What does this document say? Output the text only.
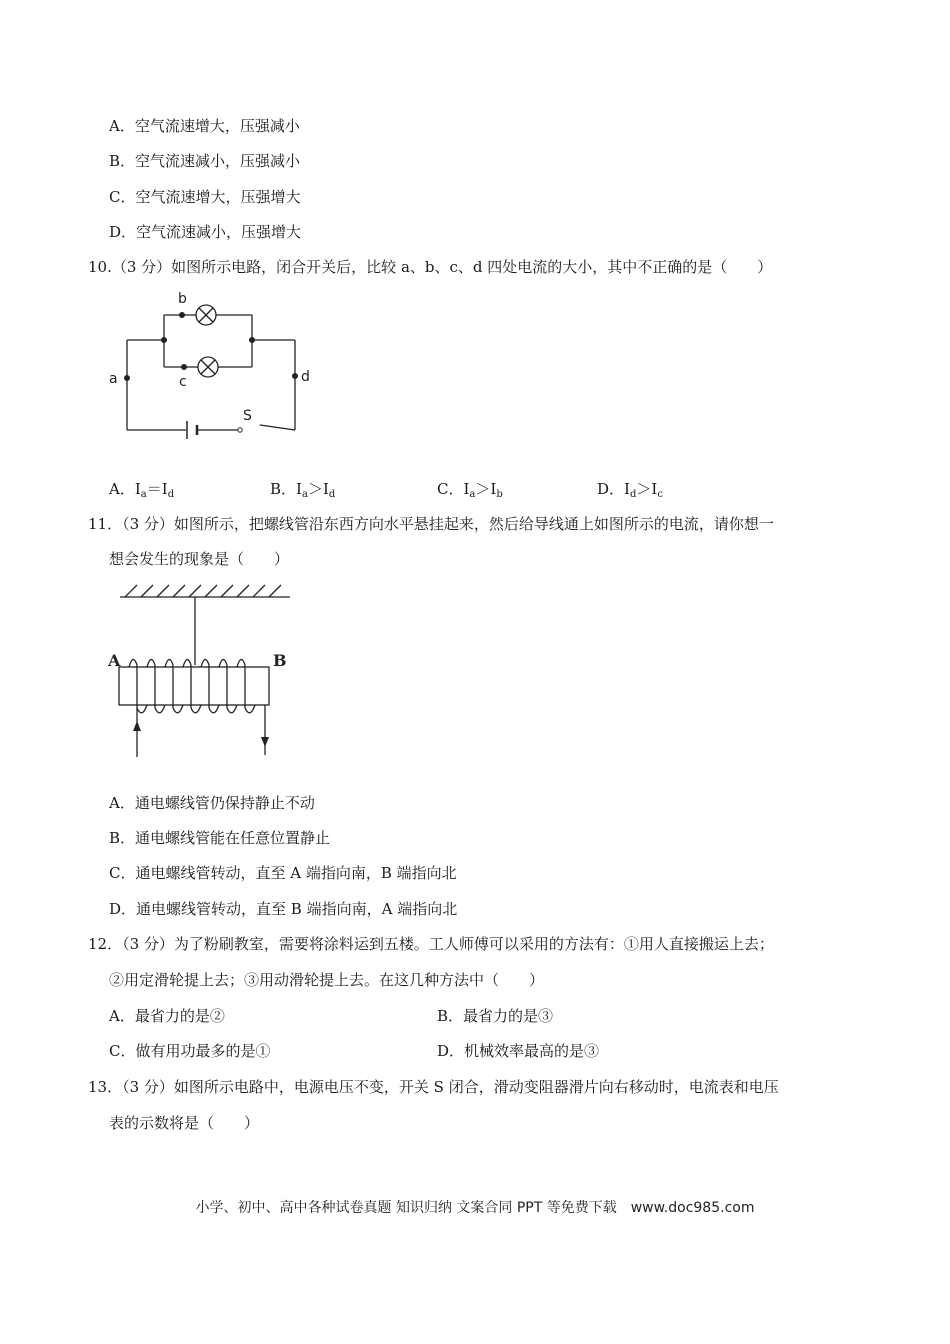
A．空气流速增大，压强减小
B．空气流速减小，压强减小
C．空气流速增大，压强增大
D．空气流速减小，压强增大
10.（3 分）如图所示电路，闭合开关后，比较 a、b、c、d 四处电流的大小，其中不正确的是（　　）
b
c
a	d
S
A．$I_a=I_d$	B．$I_a>I_d$	C．$I_a>I_b$	D．$I_d>I_c$
11．（3 分）如图所示，把螺线管沿东西方向水平悬挂起来，然后给导线通上如图所示的电流，请你想一
想会发生的现象是（　　）
A	B
A．通电螺线管仍保持静止不动
B．通电螺线管能在任意位置静止
C．通电螺线管转动，直至 A 端指向南，B 端指向北
D．通电螺线管转动，直至 B 端指向南，A 端指向北
12．（3 分）为了粉刷教室，需要将涂料运到五楼。工人师傅可以采用的方法有：①用人直接搬运上去；
②用定滑轮提上去；③用动滑轮提上去。在这几种方法中（　　）
A．最省力的是②	B．最省力的是③
C．做有用功最多的是①	D．机械效率最高的是③
13．（3 分）如图所示电路中，电源电压不变，开关 S 闭合，滑动变阻器滑片向右移动时，电流表和电压
表的示数将是（　　）
小学、初中、高中各种试卷真题 知识归纳 文案合同 PPT 等免费下载　www.doc985.com
